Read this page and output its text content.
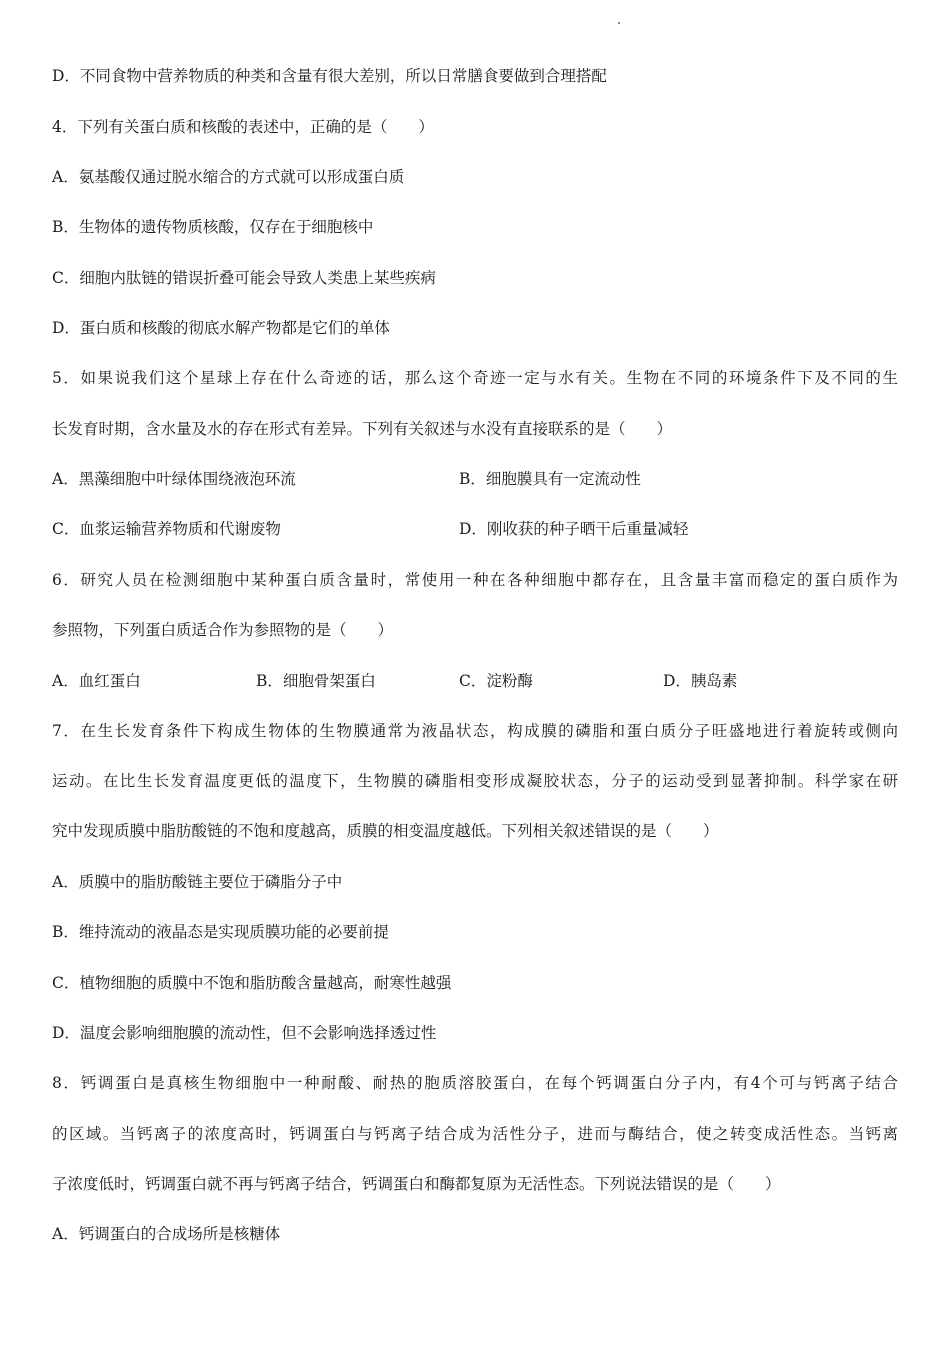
D．不同食物中营养物质的种类和含量有很大差别，所以日常膳食要做到合理搭配
4．下列有关蛋白质和核酸的表述中，正确的是（　　）
A．氨基酸仅通过脱水缩合的方式就可以形成蛋白质
B．生物体的遗传物质核酸，仅存在于细胞核中
C．细胞内肽链的错误折叠可能会导致人类患上某些疾病
D．蛋白质和核酸的彻底水解产物都是它们的单体
5．如果说我们这个星球上存在什么奇迹的话，那么这个奇迹一定与水有关。生物在不同的环境条件下及不同的生
长发育时期，含水量及水的存在形式有差异。下列有关叙述与水没有直接联系的是（　　）
A．黑藻细胞中叶绿体围绕液泡环流	B．细胞膜具有一定流动性
C．血浆运输营养物质和代谢废物	D．刚收获的种子晒干后重量减轻
6．研究人员在检测细胞中某种蛋白质含量时，常使用一种在各种细胞中都存在，且含量丰富而稳定的蛋白质作为
参照物，下列蛋白质适合作为参照物的是（　　）
A．血红蛋白	B．细胞骨架蛋白	C．淀粉酶	D．胰岛素
7．在生长发育条件下构成生物体的生物膜通常为液晶状态，构成膜的磷脂和蛋白质分子旺盛地进行着旋转或侧向
运动。在比生长发育温度更低的温度下，生物膜的磷脂相变形成凝胶状态，分子的运动受到显著抑制。科学家在研
究中发现质膜中脂肪酸链的不饱和度越高，质膜的相变温度越低。下列相关叙述错误的是（　　）
A．质膜中的脂肪酸链主要位于磷脂分子中
B．维持流动的液晶态是实现质膜功能的必要前提
C．植物细胞的质膜中不饱和脂肪酸含量越高，耐寒性越强
D．温度会影响细胞膜的流动性，但不会影响选择透过性
8．钙调蛋白是真核生物细胞中一种耐酸、耐热的胞质溶胶蛋白，在每个钙调蛋白分子内，有4个可与钙离子结合
的区域。当钙离子的浓度高时，钙调蛋白与钙离子结合成为活性分子，进而与酶结合，使之转变成活性态。当钙离
子浓度低时，钙调蛋白就不再与钙离子结合，钙调蛋白和酶都复原为无活性态。下列说法错误的是（　　）
A．钙调蛋白的合成场所是核糖体
